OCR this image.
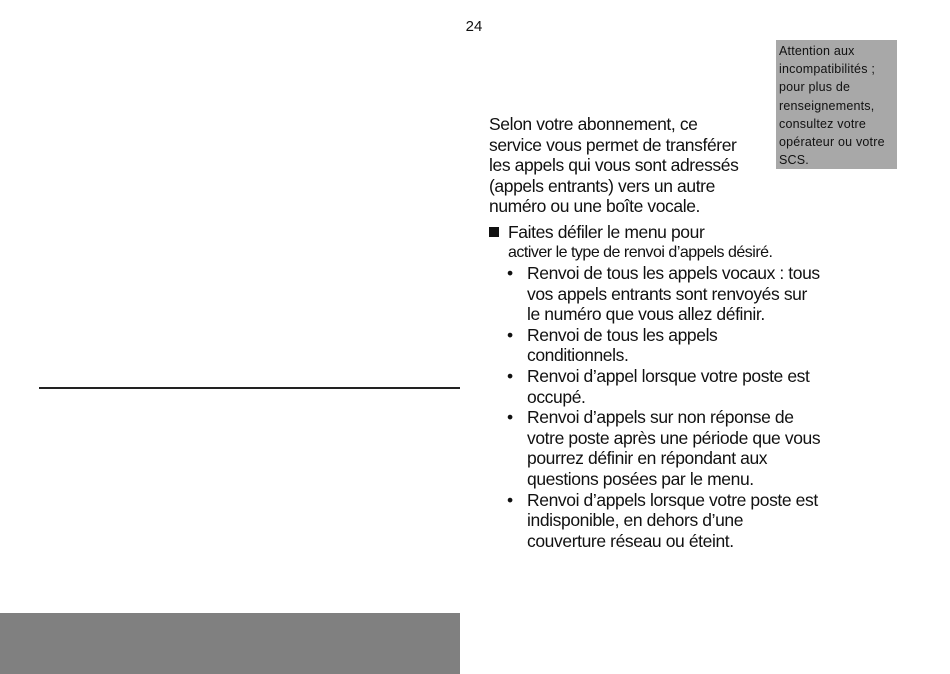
24
Attention aux
incompatibilités ;
pour plus de
renseignements,
consultez votre
opérateur ou votre
SCS.
Selon votre abonnement, ce
service vous permet de transférer
les appels qui vous sont adressés
(appels entrants) vers un autre
numéro ou une boîte vocale.
Faites défiler le menu pour
activer le type de renvoi d’appels désiré.
• Renvoi de tous les appels vocaux : tous
vos appels entrants sont renvoyés sur
le numéro que vous allez définir.
• Renvoi de tous les appels
conditionnels.
• Renvoi d’appel lorsque votre poste est
occupé.
• Renvoi d’appels sur non réponse de
votre poste après une période que vous
pourrez définir en répondant aux
questions posées par le menu.
• Renvoi d’appels lorsque votre poste est
indisponible, en dehors d’une
couverture réseau ou éteint.
